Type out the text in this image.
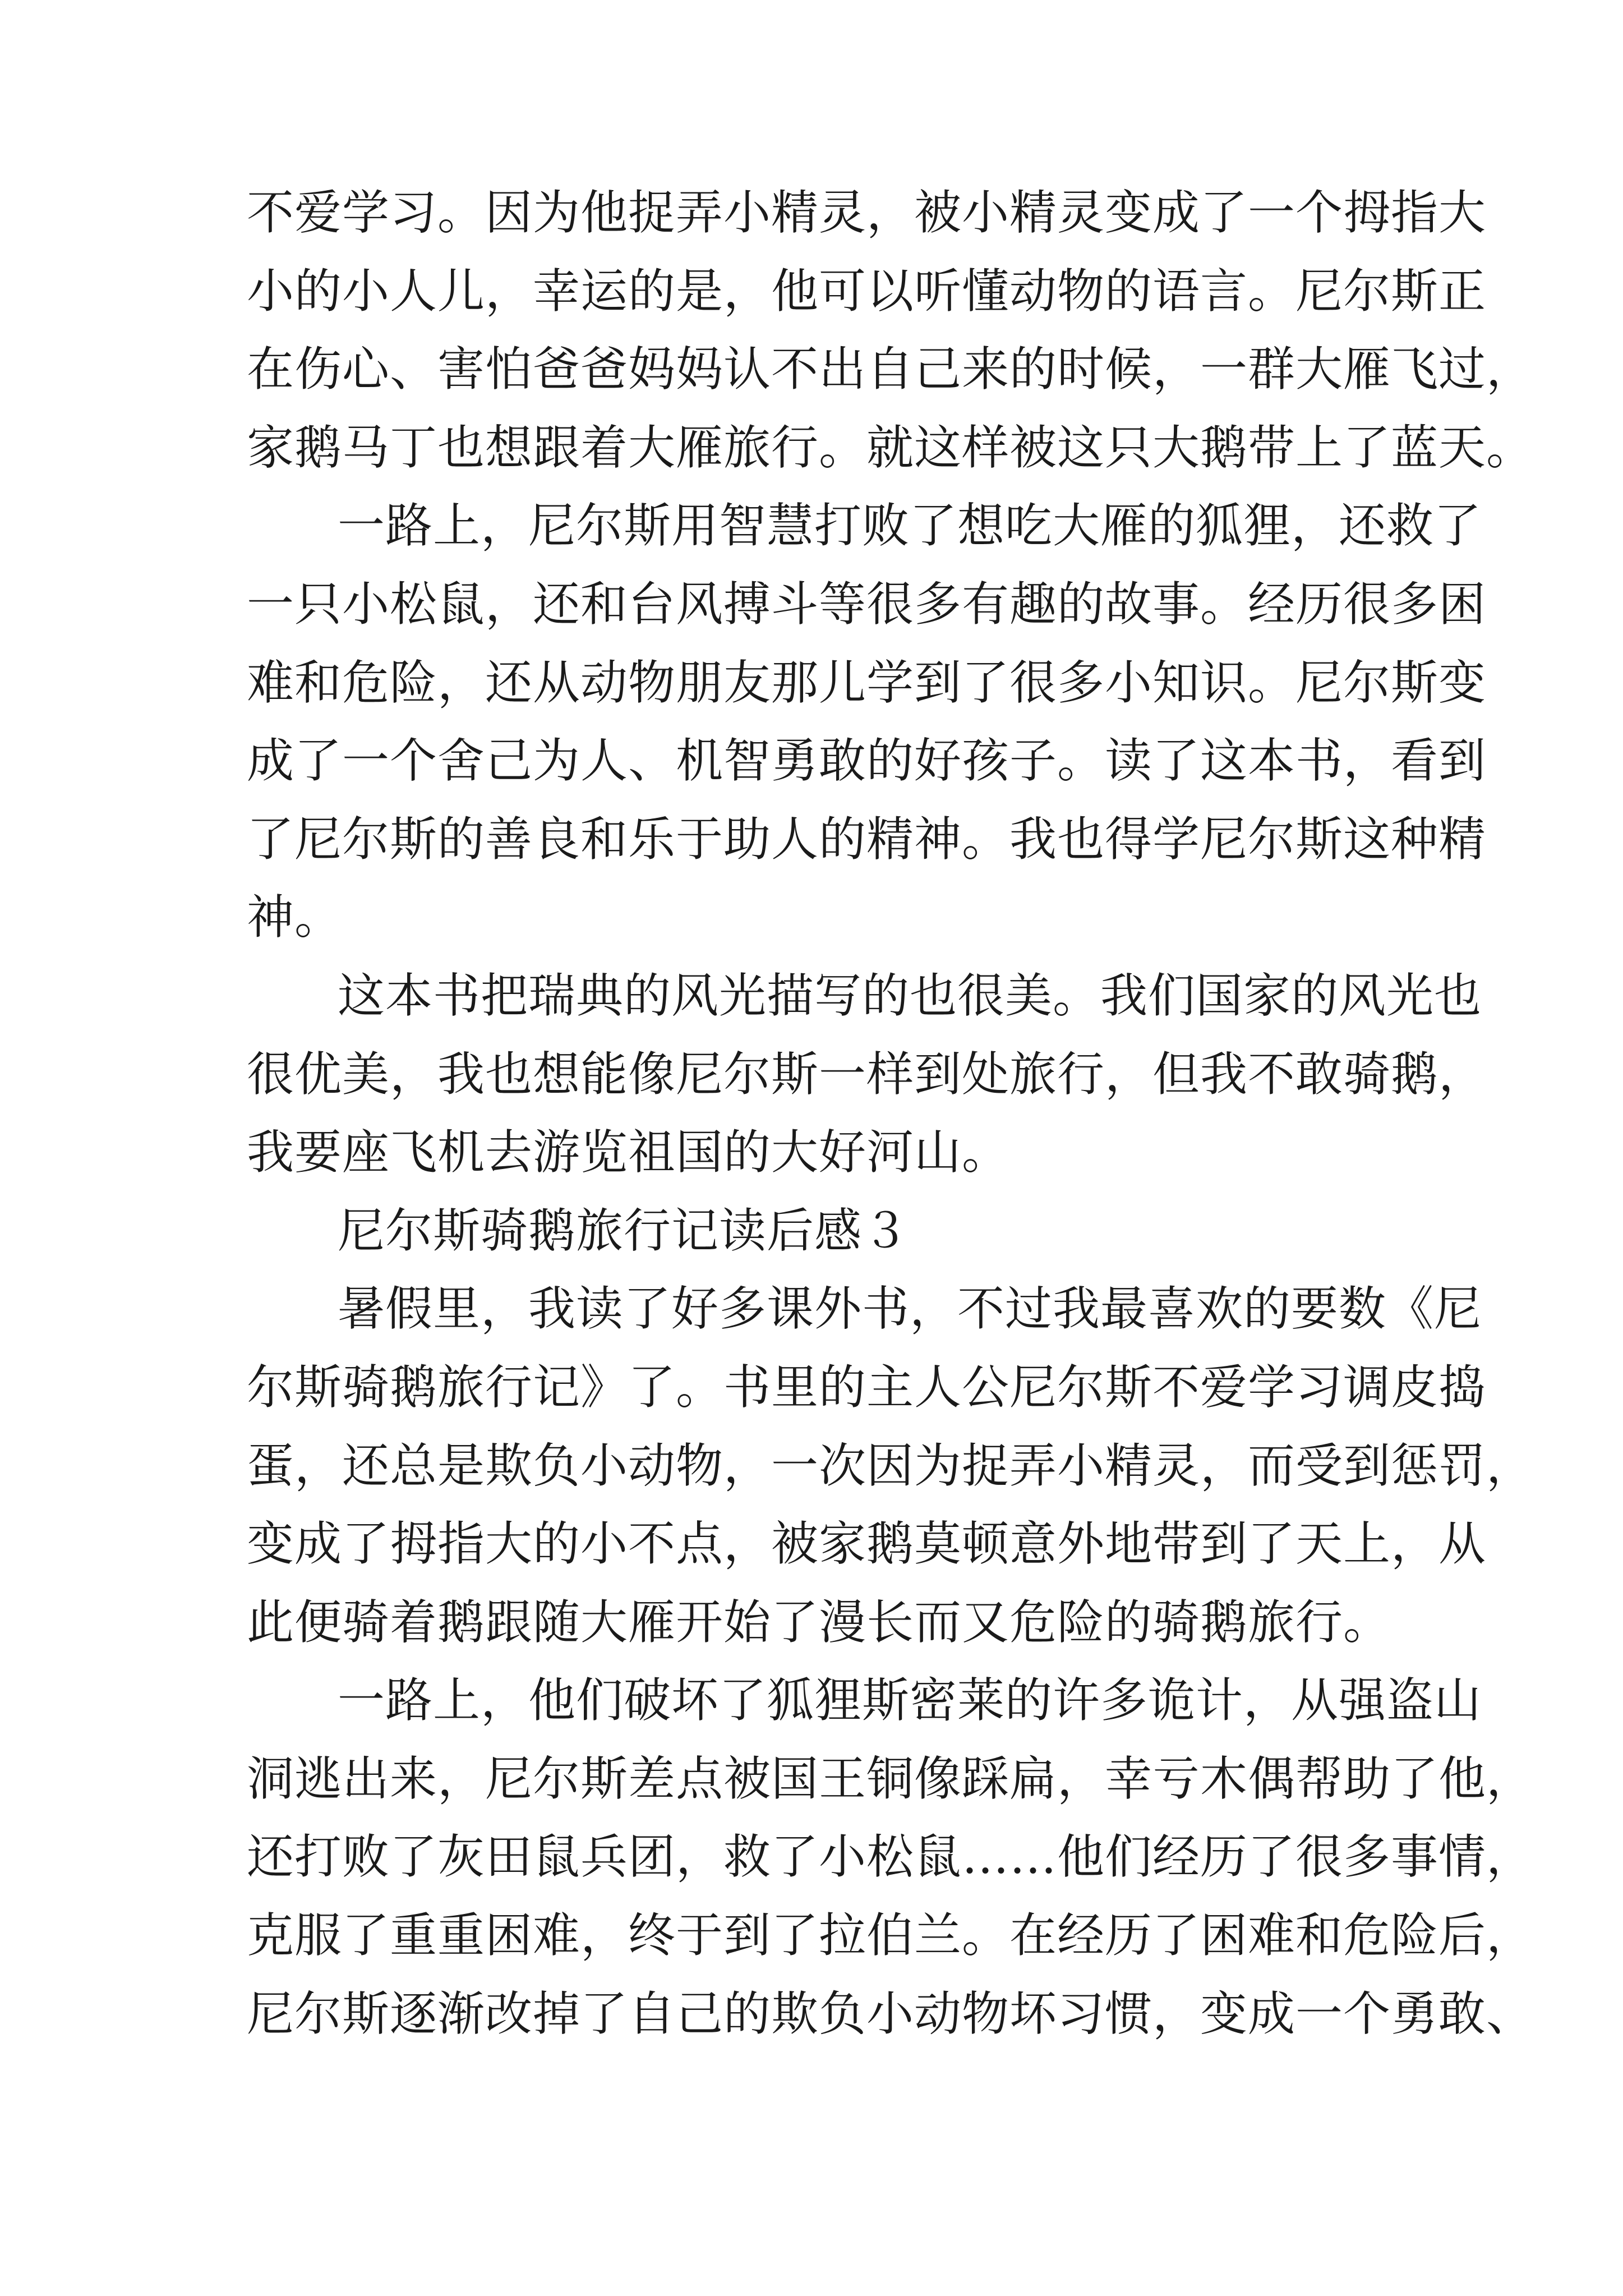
不爱学习。因为他捉弄小精灵，被小精灵变成了一个拇指大
小的小人儿，幸运的是，他可以听懂动物的语言。尼尔斯正
在伤心、害怕爸爸妈妈认不出自己来的时候，一群大雁飞过，
家鹅马丁也想跟着大雁旅行。就这样被这只大鹅带上了蓝天。
一路上，尼尔斯用智慧打败了想吃大雁的狐狸，还救了
一只小松鼠，还和台风搏斗等很多有趣的故事。经历很多困
难和危险，还从动物朋友那儿学到了很多小知识。尼尔斯变
成了一个舍己为人、机智勇敢的好孩子。读了这本书，看到
了尼尔斯的善良和乐于助人的精神。我也得学尼尔斯这种精
神。
这本书把瑞典的风光描写的也很美。我们国家的风光也
很优美，我也想能像尼尔斯一样到处旅行，但我不敢骑鹅，
我要座飞机去游览祖国的大好河山。
尼尔斯骑鹅旅行记读后感３
暑假里，我读了好多课外书，不过我最喜欢的要数《尼
尔斯骑鹅旅行记》了。书里的主人公尼尔斯不爱学习调皮捣
蛋，还总是欺负小动物，一次因为捉弄小精灵，而受到惩罚，
变成了拇指大的小不点，被家鹅莫顿意外地带到了天上，从
此便骑着鹅跟随大雁开始了漫长而又危险的骑鹅旅行。
一路上，他们破坏了狐狸斯密莱的许多诡计，从强盗山
洞逃出来，尼尔斯差点被国王铜像踩扁，幸亏木偶帮助了他，
还打败了灰田鼠兵团，救了小松鼠……他们经历了很多事情，
克服了重重困难，终于到了拉伯兰。在经历了困难和危险后，
尼尔斯逐渐改掉了自己的欺负小动物坏习惯，变成一个勇敢、
